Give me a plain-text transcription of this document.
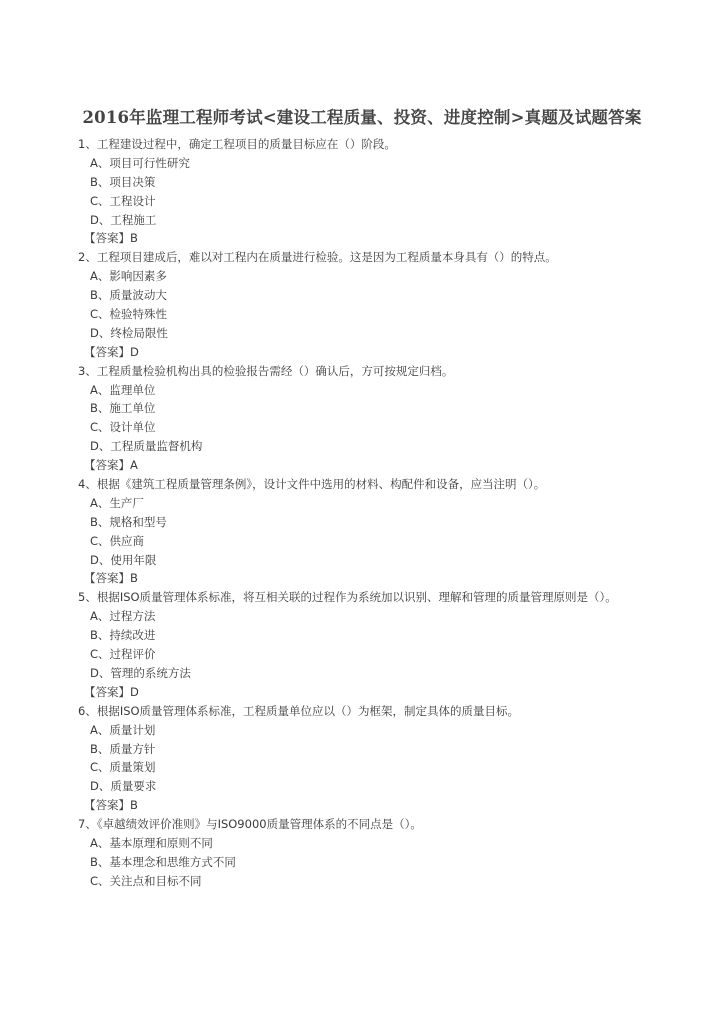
2016年监理工程师考试<建设工程质量、投资、进度控制>真题及试题答案
1、工程建设过程中，确定工程项目的质量目标应在（）阶段。
A、项目可行性研究
B、项目决策
C、工程设计
D、工程施工
【答案】B
2、工程项目建成后，难以对工程内在质量进行检验。这是因为工程质量本身具有（）的特点。
A、影响因素多
B、质量波动大
C、检验特殊性
D、终检局限性
【答案】D
3、工程质量检验机构出具的检验报告需经（）确认后，方可按规定归档。
A、监理单位
B、施工单位
C、设计单位
D、工程质量监督机构
【答案】A
4、根据《建筑工程质量管理条例》，设计文件中选用的材料、构配件和设备，应当注明（）。
A、生产厂
B、规格和型号
C、供应商
D、使用年限
【答案】B
5、根据ISO质量管理体系标准，将互相关联的过程作为系统加以识别、理解和管理的质量管理原则是（）。
A、过程方法
B、持续改进
C、过程评价
D、管理的系统方法
【答案】D
6、根据ISO质量管理体系标准，工程质量单位应以（）为框架，制定具体的质量目标。
A、质量计划
B、质量方针
C、质量策划
D、质量要求
【答案】B
7、《卓越绩效评价准则》与ISO9000质量管理体系的不同点是（）。
A、基本原理和原则不同
B、基本理念和思维方式不同
C、关注点和目标不同
